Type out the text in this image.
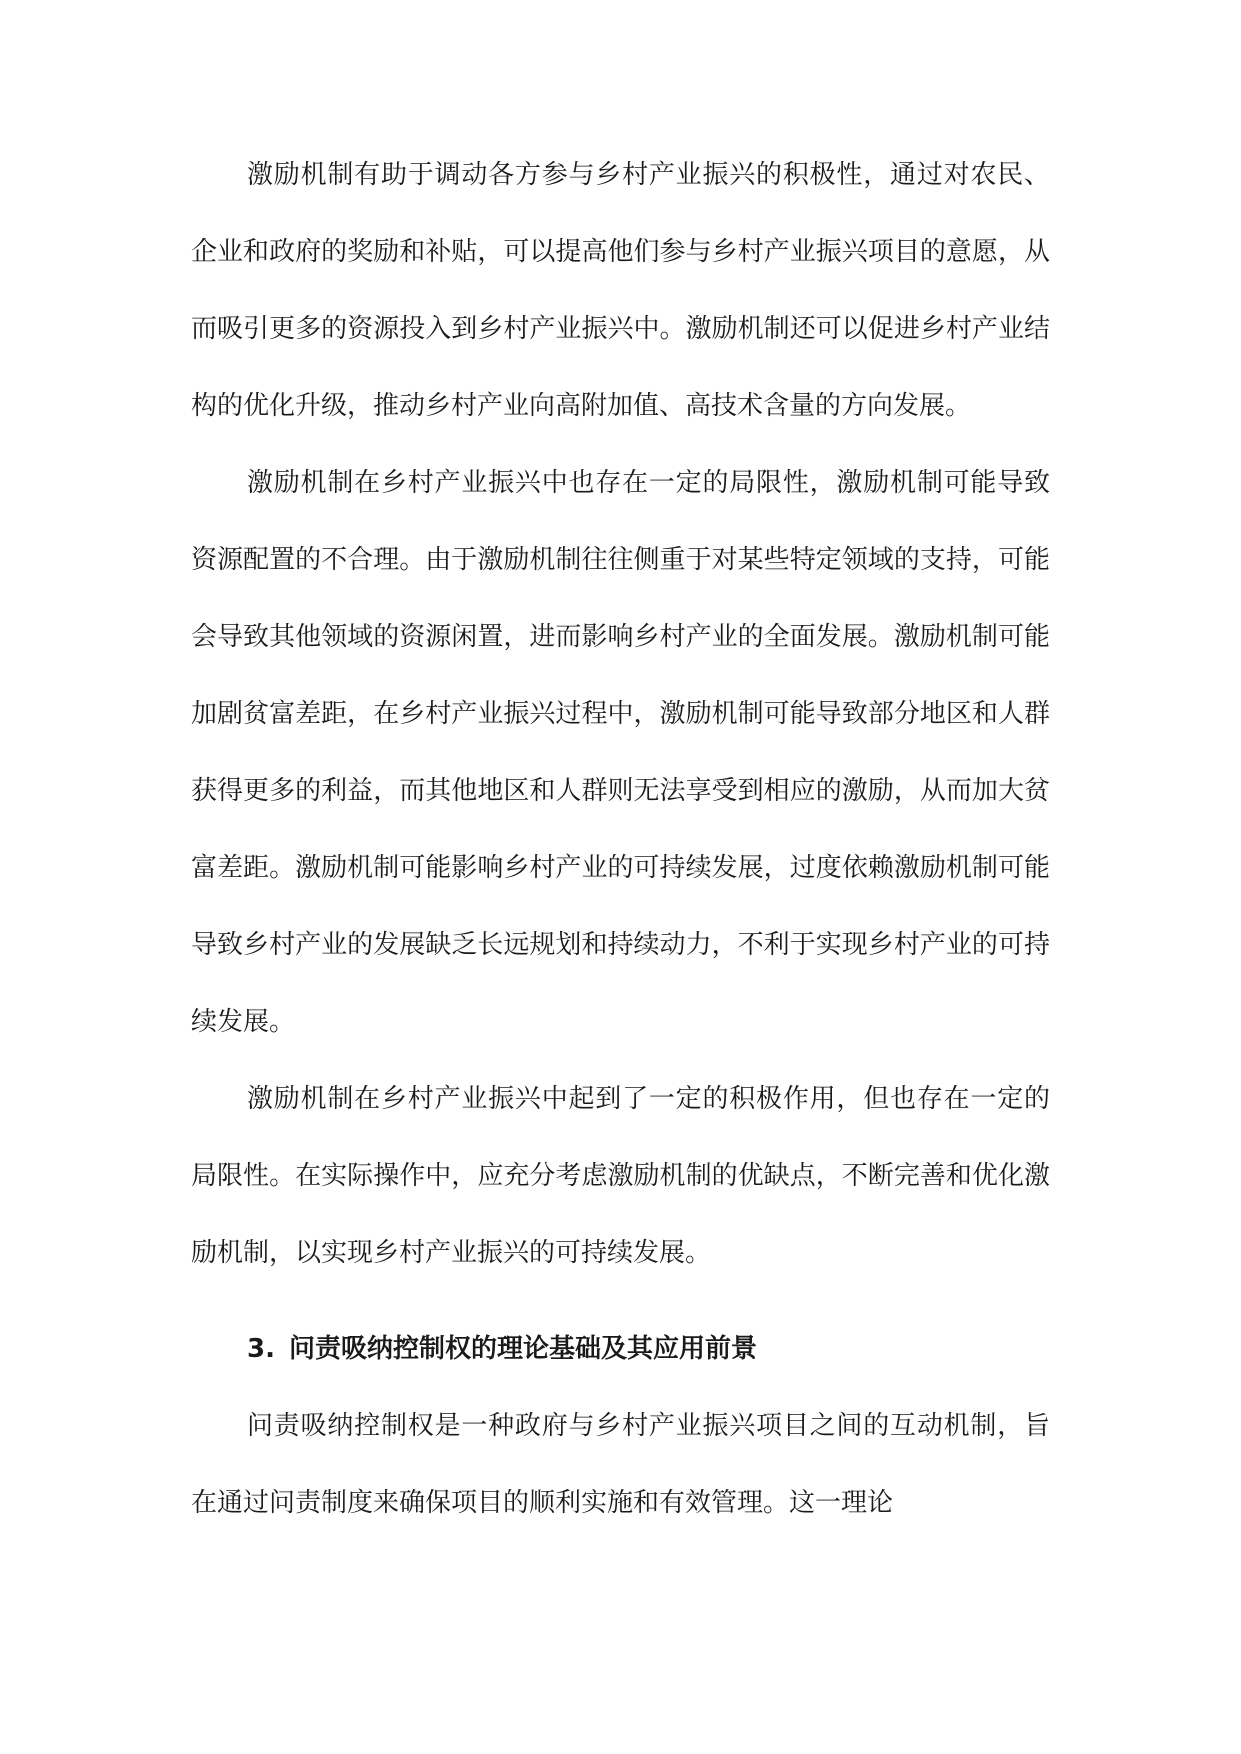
激励机制有助于调动各方参与乡村产业振兴的积极性，通过对农民、企业和政府的奖励和补贴，可以提高他们参与乡村产业振兴项目的意愿，从而吸引更多的资源投入到乡村产业振兴中。激励机制还可以促进乡村产业结构的优化升级，推动乡村产业向高附加值、高技术含量的方向发展。

激励机制在乡村产业振兴中也存在一定的局限性，激励机制可能导致资源配置的不合理。由于激励机制往往侧重于对某些特定领域的支持，可能会导致其他领域的资源闲置，进而影响乡村产业的全面发展。激励机制可能加剧贫富差距，在乡村产业振兴过程中，激励机制可能导致部分地区和人群获得更多的利益，而其他地区和人群则无法享受到相应的激励，从而加大贫富差距。激励机制可能影响乡村产业的可持续发展，过度依赖激励机制可能导致乡村产业的发展缺乏长远规划和持续动力，不利于实现乡村产业的可持续发展。

激励机制在乡村产业振兴中起到了一定的积极作用，但也存在一定的局限性。在实际操作中，应充分考虑激励机制的优缺点，不断完善和优化激励机制，以实现乡村产业振兴的可持续发展。

3. 问责吸纳控制权的理论基础及其应用前景

问责吸纳控制权是一种政府与乡村产业振兴项目之间的互动机制，旨在通过问责制度来确保项目的顺利实施和有效管理。这一理论
